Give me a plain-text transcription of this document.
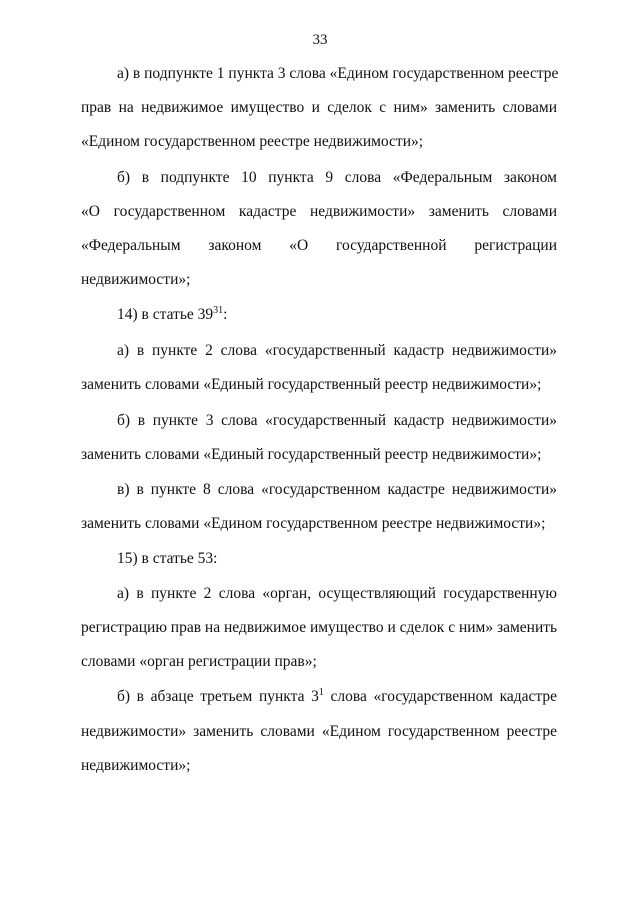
33
а) в подпункте 1 пункта 3 слова «Едином государственном реестре
прав на недвижимое имущество и сделок с ним» заменить словами
«Едином государственном реестре недвижимости»;
б) в подпункте 10 пункта 9 слова «Федеральным законом
«О государственном кадастре недвижимости» заменить словами
«Федеральным законом «О государственной регистрации
недвижимости»;
14) в статье $39^{31}$:
а) в пункте 2 слова «государственный кадастр недвижимости»
заменить словами «Единый государственный реестр недвижимости»;
б) в пункте 3 слова «государственный кадастр недвижимости»
заменить словами «Единый государственный реестр недвижимости»;
в) в пункте 8 слова «государственном кадастре недвижимости»
заменить словами «Едином государственном реестре недвижимости»;
15) в статье 53:
а) в пункте 2 слова «орган, осуществляющий государственную
регистрацию прав на недвижимое имущество и сделок с ним» заменить
словами «орган регистрации прав»;
б) в абзаце третьем пункта $3^1$ слова «государственном кадастре
недвижимости» заменить словами «Едином государственном реестре
недвижимости»;
